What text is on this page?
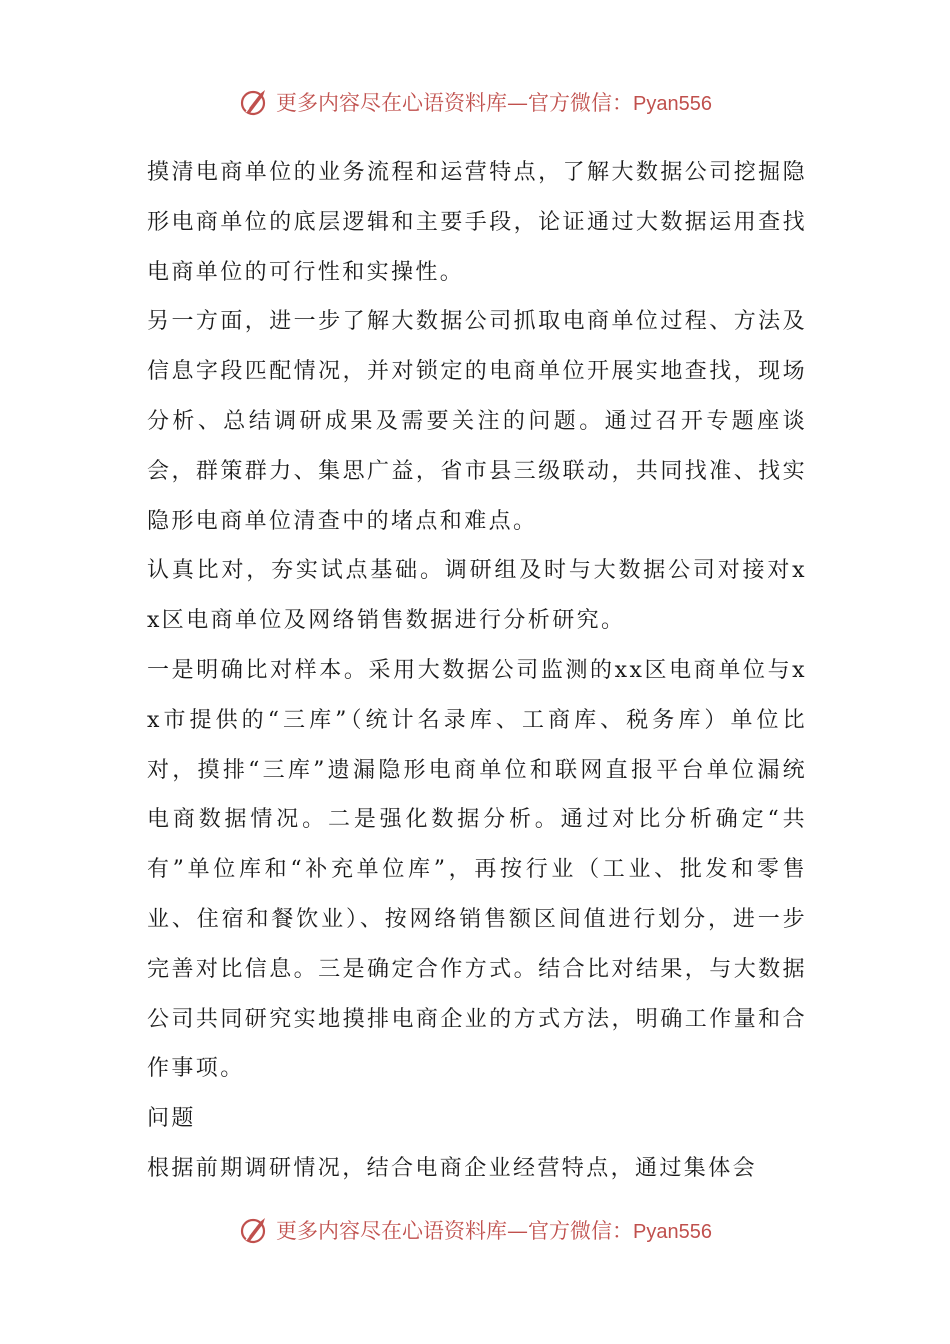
更多内容尽在心语资料库—官方微信：Pyan556

摸清电商单位的业务流程和运营特点，了解大数据公司挖掘隐形电商单位的底层逻辑和主要手段，论证通过大数据运用查找电商单位的可行性和实操性。

另一方面，进一步了解大数据公司抓取电商单位过程、方法及信息字段匹配情况，并对锁定的电商单位开展实地查找，现场分析、总结调研成果及需要关注的问题。通过召开专题座谈会，群策群力、集思广益，省市县三级联动，共同找准、找实隐形电商单位清查中的堵点和难点。

认真比对，夯实试点基础。调研组及时与大数据公司对接对xx区电商单位及网络销售数据进行分析研究。

一是明确比对样本。采用大数据公司监测的xx区电商单位与xx市提供的“三库”（统计名录库、工商库、税务库）单位比对，摸排“三库”遗漏隐形电商单位和联网直报平台单位漏统电商数据情况。二是强化数据分析。通过对比分析确定“共有”单位库和“补充单位库”，再按行业（工业、批发和零售业、住宿和餐饮业）、按网络销售额区间值进行划分，进一步完善对比信息。三是确定合作方式。结合比对结果，与大数据公司共同研究实地摸排电商企业的方式方法，明确工作量和合作事项。

问题

根据前期调研情况，结合电商企业经营特点，通过集体会

更多内容尽在心语资料库—官方微信：Pyan556
